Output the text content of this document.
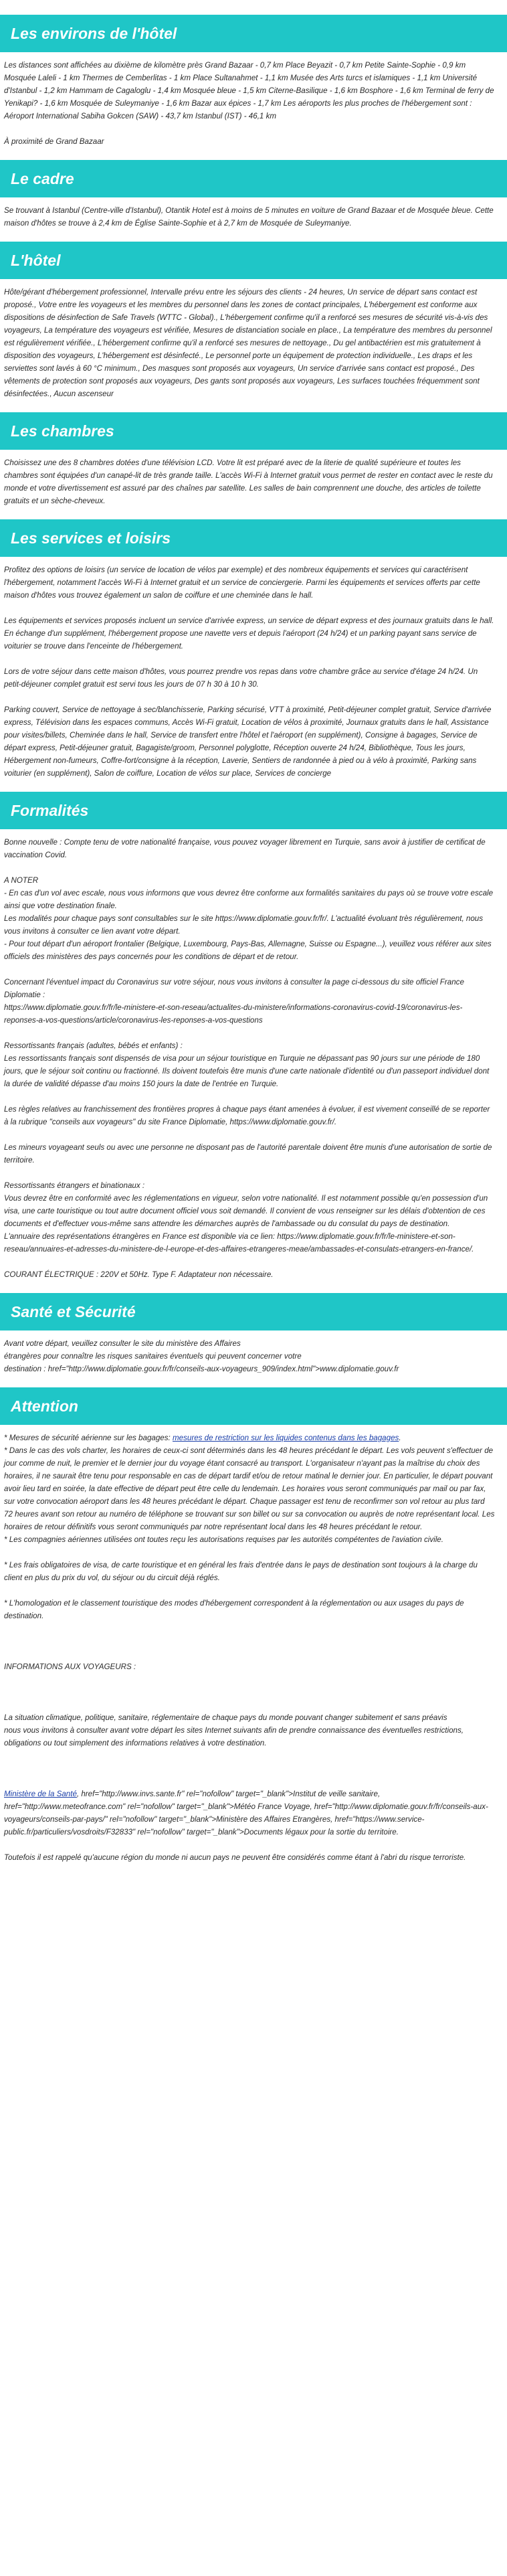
Les environs de l'hôtel

Les distances sont affichées au dixième de kilomètre près Grand Bazaar - 0,7 km Place Beyazit - 0,7 km Petite Sainte-Sophie - 0,9 km Mosquée Laleli - 1 km Thermes de Cemberlitas - 1 km Place Sultanahmet - 1,1 km Musée des Arts turcs et islamiques - 1,1 km Université d'Istanbul - 1,2 km Hammam de Cagaloglu - 1,4 km Mosquée bleue - 1,5 km Citerne-Basilique - 1,6 km Bosphore - 1,6 km Terminal de ferry de Yenikapi? - 1,6 km Mosquée de Suleymaniye - 1,6 km Bazar aux épices - 1,7 km Les aéroports les plus proches de l'hébergement sont : Aéroport International Sabiha Gokcen (SAW) - 43,7 km Istanbul (IST) - 46,1 km

À proximité de Grand Bazaar

Le cadre

Se trouvant à Istanbul (Centre-ville d'Istanbul), Otantik Hotel est à moins de 5 minutes en voiture de Grand Bazaar et de Mosquée bleue. Cette maison d'hôtes se trouve à 2,4 km de Église Sainte-Sophie et à 2,7 km de Mosquée de Suleymaniye.

L'hôtel

Hôte/gérant d'hébergement professionnel, Intervalle prévu entre les séjours des clients - 24 heures, Un service de départ sans contact est proposé., Votre entre les voyageurs et les membres du personnel dans les zones de contact principales, L'hébergement est conforme aux dispositions de désinfection de Safe Travels (WTTC - Global)., L'hébergement confirme qu'il a renforcé ses mesures de sécurité vis-à-vis des voyageurs, La température des voyageurs est vérifiée, Mesures de distanciation sociale en place., La température des membres du personnel est régulièrement vérifiée., L'hébergement confirme qu'il a renforcé ses mesures de nettoyage., Du gel antibactérien est mis gratuitement à disposition des voyageurs, L'hébergement est désinfecté., Le personnel porte un équipement de protection individuelle., Les draps et les serviettes sont lavés à 60 °C minimum., Des masques sont proposés aux voyageurs, Un service d'arrivée sans contact est proposé., Des vêtements de protection sont proposés aux voyageurs, Des gants sont proposés aux voyageurs, Les surfaces touchées fréquemment sont désinfectées., Aucun ascenseur

Les chambres

Choisissez une des 8 chambres dotées d'une télévision LCD. Votre lit est préparé avec de la literie de qualité supérieure et toutes les chambres sont équipées d'un canapé-lit de très grande taille. L'accès Wi-Fi à Internet gratuit vous permet de rester en contact avec le reste du monde et votre divertissement est assuré par des chaînes par satellite. Les salles de bain comprennent une douche, des articles de toilette gratuits et un sèche-cheveux.

Les services et loisirs

Profitez des options de loisirs (un service de location de vélos par exemple) et des nombreux équipements et services qui caractérisent l'hébergement, notamment l'accès Wi-Fi à Internet gratuit et un service de conciergerie. Parmi les équipements et services offerts par cette maison d'hôtes vous trouvez également un salon de coiffure et une cheminée dans le hall.

Les équipements et services proposés incluent un service d'arrivée express, un service de départ express et des journaux gratuits dans le hall. En échange d'un supplément, l'hébergement propose une navette vers et depuis l'aéroport (24 h/24) et un parking payant sans service de voiturier se trouve dans l'enceinte de l'hébergement.

Lors de votre séjour dans cette maison d'hôtes, vous pourrez prendre vos repas dans votre chambre grâce au service d'étage 24 h/24. Un petit-déjeuner complet gratuit est servi tous les jours de 07 h 30 à 10 h 30.

Parking couvert, Service de nettoyage à sec/blanchisserie, Parking sécurisé, VTT à proximité, Petit-déjeuner complet gratuit, Service d'arrivée express, Télévision dans les espaces communs, Accès Wi-Fi gratuit, Location de vélos à proximité, Journaux gratuits dans le hall, Assistance pour visites/billets, Cheminée dans le hall, Service de transfert entre l'hôtel et l'aéroport (en supplément), Consigne à bagages, Service de départ express, Petit-déjeuner gratuit, Bagagiste/groom, Personnel polyglotte, Réception ouverte 24 h/24, Bibliothèque, Tous les jours, Hébergement non-fumeurs, Coffre-fort/consigne à la réception, Laverie, Sentiers de randonnée à pied ou à vélo à proximité, Parking sans voiturier (en supplément), Salon de coiffure, Location de vélos sur place, Services de concierge

Formalités

Bonne nouvelle : Compte tenu de votre nationalité française, vous pouvez voyager librement en Turquie, sans avoir à justifier de certificat de vaccination Covid.

A NOTER
- En cas d'un vol avec escale, nous vous informons que vous devrez être conforme aux formalités sanitaires du pays où se trouve votre escale ainsi que votre destination finale.
Les modalités pour chaque pays sont consultables sur le site https://www.diplomatie.gouv.fr/fr/. L'actualité évoluant très régulièrement, nous vous invitons à consulter ce lien avant votre départ.
- Pour tout départ d'un aéroport frontalier (Belgique, Luxembourg, Pays-Bas, Allemagne, Suisse ou Espagne...), veuillez vous référer aux sites officiels des ministères des pays concernés pour les conditions de départ et de retour.

Concernant l'éventuel impact du Coronavirus sur votre séjour, nous vous invitons à consulter la page ci-dessous du site officiel France Diplomatie :
https://www.diplomatie.gouv.fr/fr/le-ministere-et-son-reseau/actualites-du-ministere/informations-coronavirus-covid-19/coronavirus-les-reponses-a-vos-questions/article/coronavirus-les-reponses-a-vos-questions

Ressortissants français (adultes, bébés et enfants) :
Les ressortissants français sont dispensés de visa pour un séjour touristique en Turquie ne dépassant pas 90 jours sur une période de 180 jours, que le séjour soit continu ou fractionné. Ils doivent toutefois être munis d'une carte nationale d'identité ou d'un passeport individuel dont la durée de validité dépasse d'au moins 150 jours la date de l'entrée en Turquie.

Les règles relatives au franchissement des frontières propres à chaque pays étant amenées à évoluer, il est vivement conseillé de se reporter à la rubrique "conseils aux voyageurs" du site France Diplomatie, https://www.diplomatie.gouv.fr/.

Les mineurs voyageant seuls ou avec une personne ne disposant pas de l'autorité parentale doivent être munis d'une autorisation de sortie de territoire.

Ressortissants étrangers et binationaux :
Vous devrez être en conformité avec les réglementations en vigueur, selon votre nationalité. Il est notamment possible qu'en possession d'un visa, une carte touristique ou tout autre document officiel vous soit demandé. Il convient de vous renseigner sur les délais d'obtention de ces documents et d'effectuer vous-même sans attendre les démarches auprès de l'ambassade ou du consulat du pays de destination.
L'annuaire des représentations étrangères en France est disponible via ce lien: https://www.diplomatie.gouv.fr/fr/le-ministere-et-son-reseau/annuaires-et-adresses-du-ministere-de-l-europe-et-des-affaires-etrangeres-meae/ambassades-et-consulats-etrangers-en-france/.

COURANT ÉLECTRIQUE : 220V et 50Hz. Type F. Adaptateur non nécessaire.

Santé et Sécurité

Avant votre départ, veuillez consulter le site du ministère des Affaires
étrangères pour connaître les risques sanitaires éventuels qui peuvent concerner votre
destination : href="http://www.diplomatie.gouv.fr/fr/conseils-aux-voyageurs_909/index.html">www.diplomatie.gouv.fr

Attention

* Mesures de sécurité aérienne sur les bagages: mesures de restriction sur les liquides contenus dans les bagages.
* Dans le cas des vols charter, les horaires de ceux-ci sont déterminés dans les 48 heures précédant le départ. Les vols peuvent s'effectuer de jour comme de nuit, le premier et le dernier jour du voyage étant consacré au transport. L'organisateur n'ayant pas la maîtrise du choix des horaires, il ne saurait être tenu pour responsable en cas de départ tardif et/ou de retour matinal le dernier jour. En particulier, le départ pouvant avoir lieu tard en soirée, la date effective de départ peut être celle du lendemain. Les horaires vous seront communiqués par mail ou par fax, sur votre convocation aéroport dans les 48 heures précédant le départ. Chaque passager est tenu de reconfirmer son vol retour au plus tard 72 heures avant son retour au numéro de téléphone se trouvant sur son billet ou sur sa convocation ou auprès de notre représentant local. Les horaires de retour définitifs vous seront communiqués par notre représentant local dans les 48 heures précédant le retour.
* Les compagnies aériennes utilisées ont toutes reçu les autorisations requises par les autorités compétentes de l'aviation civile.

* Les frais obligatoires de visa, de carte touristique et en général les frais d'entrée dans le pays de destination sont toujours à la charge du client en plus du prix du vol, du séjour ou du circuit déjà réglés.

* L'homologation et le classement touristique des modes d'hébergement correspondent à la réglementation ou aux usages du pays de destination.

INFORMATIONS AUX VOYAGEURS :

La situation climatique, politique, sanitaire, réglementaire de chaque pays du monde pouvant changer subitement et sans préavis
nous vous invitons à consulter avant votre départ les sites Internet suivants afin de prendre connaissance des éventuelles restrictions, obligations ou tout simplement des informations relatives à votre destination.

Ministère de la Santé, href="http://www.invs.sante.fr" rel="nofollow" target="_blank">Institut de veille sanitaire, href="http://www.meteofrance.com" rel="nofollow" target="_blank">Météo France Voyage, href="http://www.diplomatie.gouv.fr/fr/conseils-aux-voyageurs/conseils-par-pays/" rel="nofollow" target="_blank">Ministère des Affaires Etrangères, href="https://www.service-public.fr/particuliers/vosdroits/F32833" rel="nofollow" target="_blank">Documents légaux pour la sortie du territoire.

Toutefois il est rappelé qu'aucune région du monde ni aucun pays ne peuvent être considérés comme étant à l'abri du risque terroriste.
